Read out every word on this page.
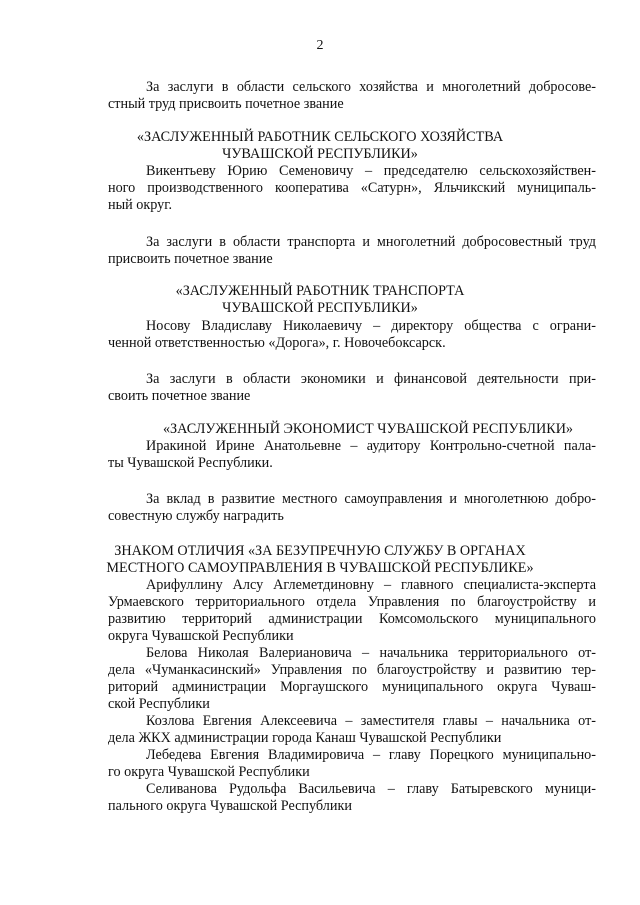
2
За заслуги в области сельского хозяйства и многолетний добросове-
стный труд присвоить почетное звание
«ЗАСЛУЖЕННЫЙ РАБОТНИК СЕЛЬСКОГО ХОЗЯЙСТВА
ЧУВАШСКОЙ РЕСПУБЛИКИ»
Викентьеву Юрию Семеновичу – председателю сельскохозяйствен-
ного производственного кооператива «Сатурн», Яльчикский муниципаль-
ный округ.
За заслуги в области транспорта и многолетний добросовестный труд
присвоить почетное звание
«ЗАСЛУЖЕННЫЙ РАБОТНИК ТРАНСПОРТА
ЧУВАШСКОЙ РЕСПУБЛИКИ»
Носову Владиславу Николаевичу – директору общества с ограни-
ченной ответственностью «Дорога», г. Новочебоксарск.
За заслуги в области экономики и финансовой деятельности при-
своить почетное звание
«ЗАСЛУЖЕННЫЙ ЭКОНОМИСТ ЧУВАШСКОЙ РЕСПУБЛИКИ»
Иракиной Ирине Анатольевне – аудитору Контрольно-счетной пала-
ты Чувашской Республики.
За вклад в развитие местного самоуправления и многолетнюю добро-
совестную службу наградить
ЗНАКОМ ОТЛИЧИЯ «ЗА БЕЗУПРЕЧНУЮ СЛУЖБУ В ОРГАНАХ
МЕСТНОГО САМОУПРАВЛЕНИЯ В ЧУВАШСКОЙ РЕСПУБЛИКЕ»
Арифуллину Алсу Аглеметдиновну – главного специалиста-эксперта
Урмаевского территориального отдела Управления по благоустройству и
развитию территорий администрации Комсомольского муниципального
округа Чувашской Республики
Белова Николая Валериановича – начальника территориального от-
дела «Чуманкасинский» Управления по благоустройству и развитию тер-
риторий администрации Моргаушского муниципального округа Чуваш-
ской Республики
Козлова Евгения Алексеевича – заместителя главы – начальника от-
дела ЖКХ администрации города Канаш Чувашской Республики
Лебедева Евгения Владимировича – главу Порецкого муниципально-
го округа Чувашской Республики
Селиванова Рудольфа Васильевича – главу Батыревского муници-
пального округа Чувашской Республики
